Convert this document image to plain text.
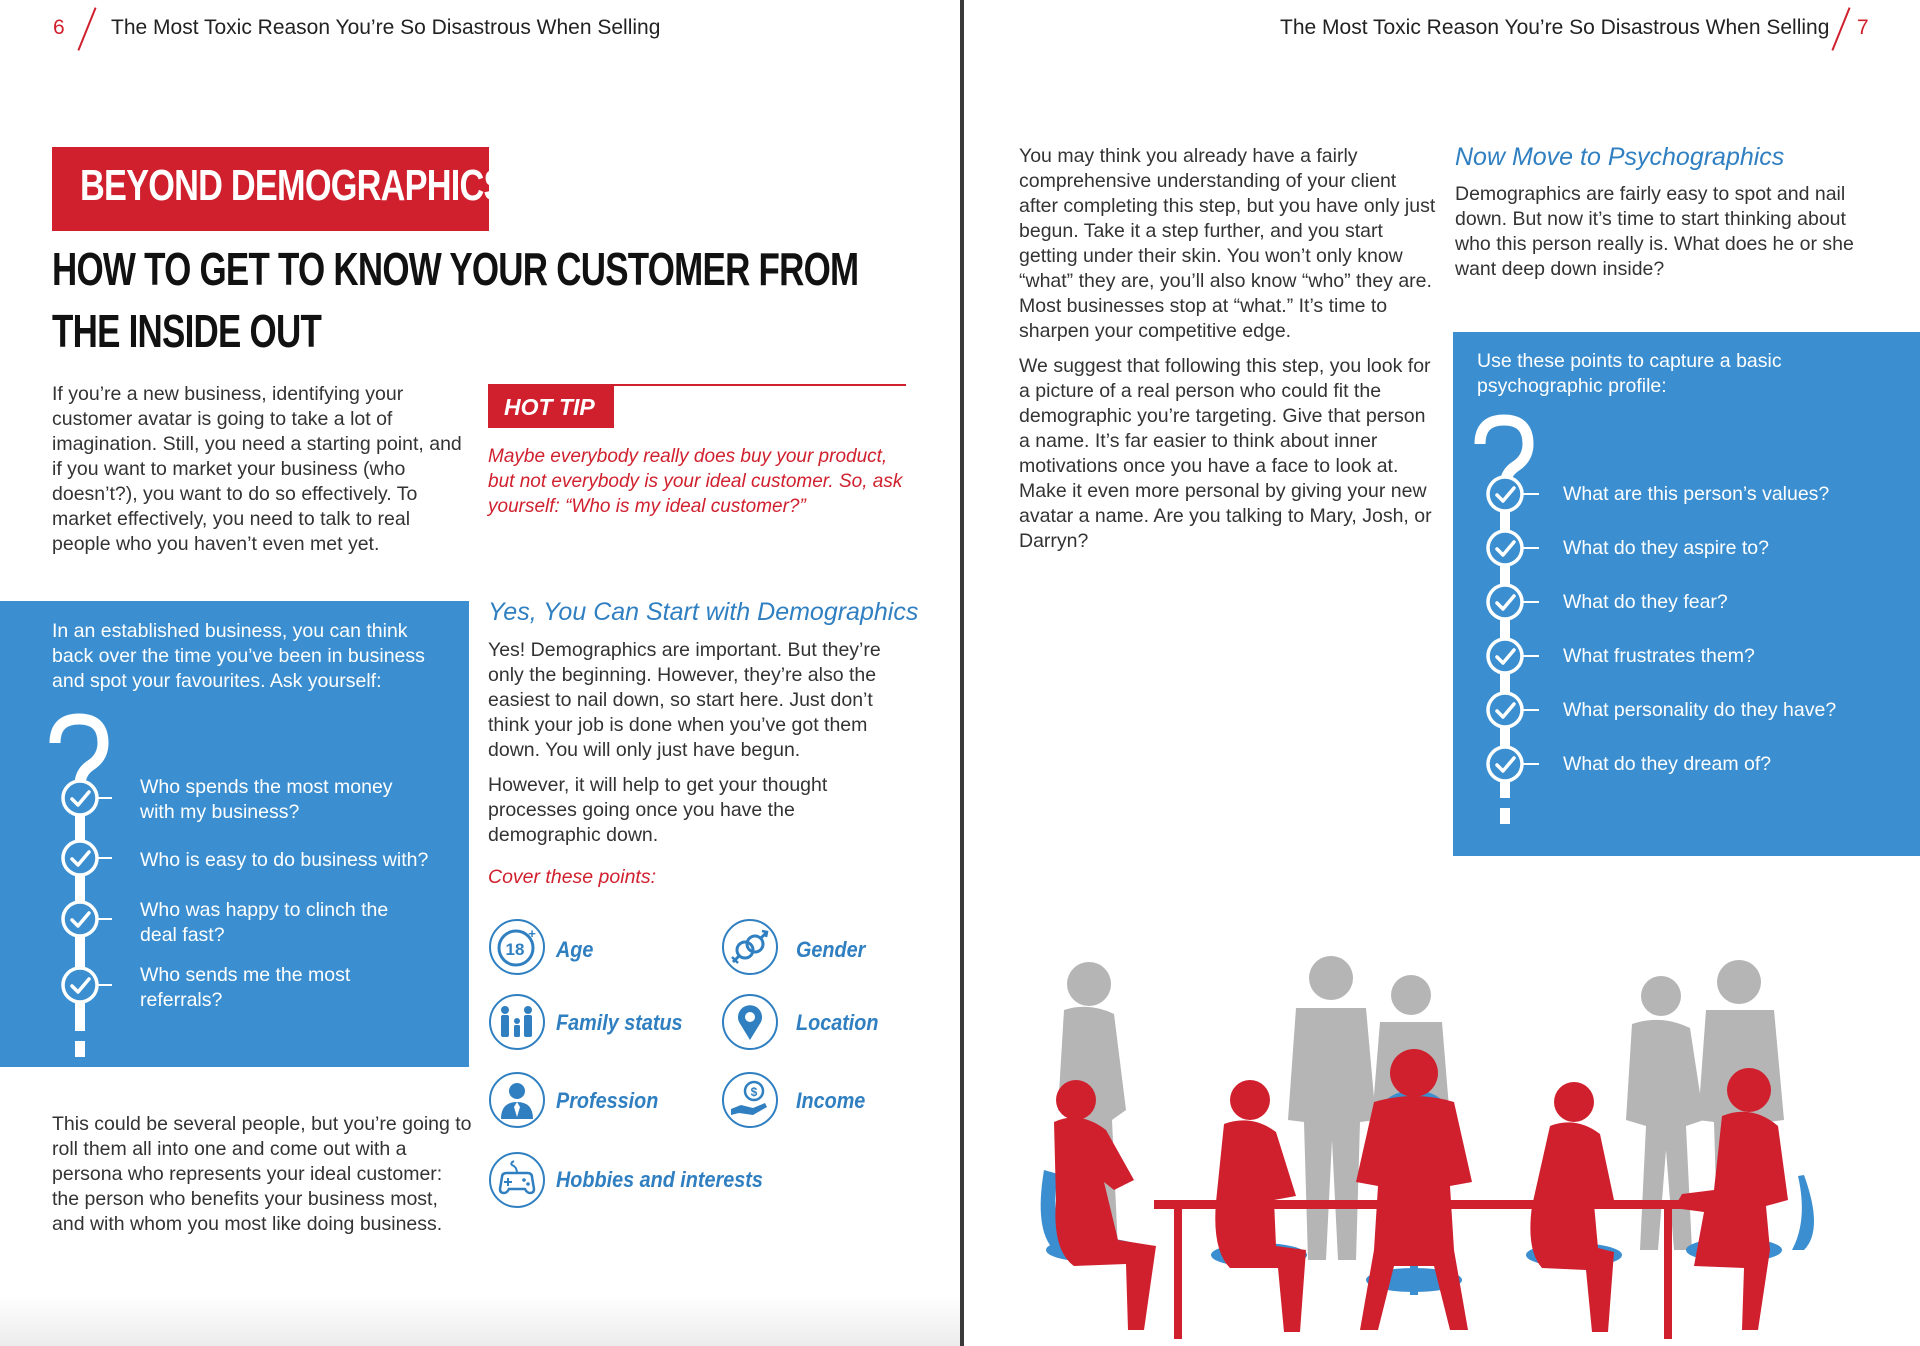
6 The Most Toxic Reason You’re So Disastrous When Selling
BEYOND DEMOGRAPHICS:
HOW TO GET TO KNOW YOUR CUSTOMER FROM
THE INSIDE OUT

If you’re a new business, identifying your customer avatar is going to take a lot of imagination. Still, you need a starting point, and if you want to market your business (who doesn’t?), you want to do so effectively. To market effectively, you need to talk to real people who you haven’t even met yet.

HOT TIP

Maybe everybody really does buy your product, but not everybody is your ideal customer. So, ask yourself: “Who is my ideal customer?”

In an established business, you can think back over the time you’ve been in business and spot your favourites. Ask yourself:

Who spends the most money with my business?
Who is easy to do business with?
Who was happy to clinch the deal fast?
Who sends me the most referrals?
Yes, You Can Start with Demographics

Yes! Demographics are important. But they’re only the beginning. However, they’re also the easiest to nail down, so start here. Just don’t think your job is done when you’ve got them down. You will only just have begun.

However, it will help to get your thought processes going once you have the demographic down.

Cover these points:
18
+
Age	Gender
Family status	Location
Profession	$ Income
Hobbies and interests

This could be several people, but you’re going to roll them all into one and come out with a persona who represents your ideal customer: the person who benefits your business most, and with whom you most like doing business.

The Most Toxic Reason You’re So Disastrous When Selling 7

You may think you already have a fairly comprehensive understanding of your client after completing this step, but you have only just begun. Take it a step further, and you start getting under their skin. You won’t only know “what” they are, you’ll also know “who” they are. Most businesses stop at “what.” It’s time to sharpen your competitive edge.

We suggest that following this step, you look for a picture of a real person who could fit the demographic you’re targeting. Give that person a name. It’s far easier to think about inner motivations once you have a face to look at. Make it even more personal by giving your new avatar a name. Are you talking to Mary, Josh, or Darryn?

Now Move to Psychographics

Demographics are fairly easy to spot and nail down. But now it’s time to start thinking about who this person really is. What does he or she want deep down inside?

Use these points to capture a basic psychographic profile:

What are this person’s values?
What do they aspire to?
What do they fear?
What frustrates them?
What personality do they have?
What do they dream of?
